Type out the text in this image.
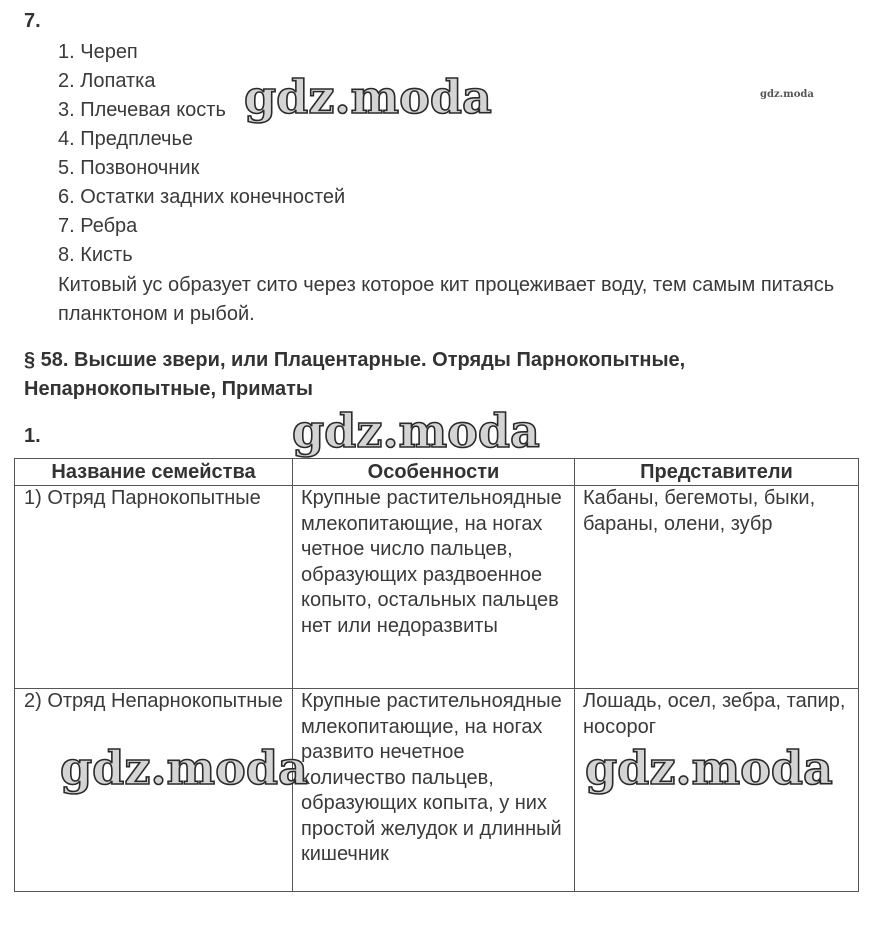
7.
1. Череп
2. Лопатка
3. Плечевая кость
4. Предплечье
5. Позвоночник
6. Остатки задних конечностей
7. Ребра
8. Кисть

Китовый ус образует сито через которое кит процеживает воду, тем самым питаясь планктоном и рыбой.

§ 58. Высшие звери, или Плацентарные. Отряды Парнокопытные, Непарнокопытные, Приматы
1.
Название семейства	Особенности	Представители
1) Отряд Парнокопытные	Крупные растительноядные млекопитающие, на ногах четное число пальцев, образующих раздвоенное копыто, остальных пальцев нет или недоразвиты	Кабаны, бегемоты, быки, бараны, олени, зубр
2) Отряд Непарнокопытные	Крупные растительноядные млекопитающие, на ногах развито нечетное количество пальцев, образующих копыта, у них простой желудок и длинный кишечник	Лошадь, осел, зебра, тапир, носорог
gdz.moda	gdz.moda
gdz.moda
gdz.moda	gdz.moda
